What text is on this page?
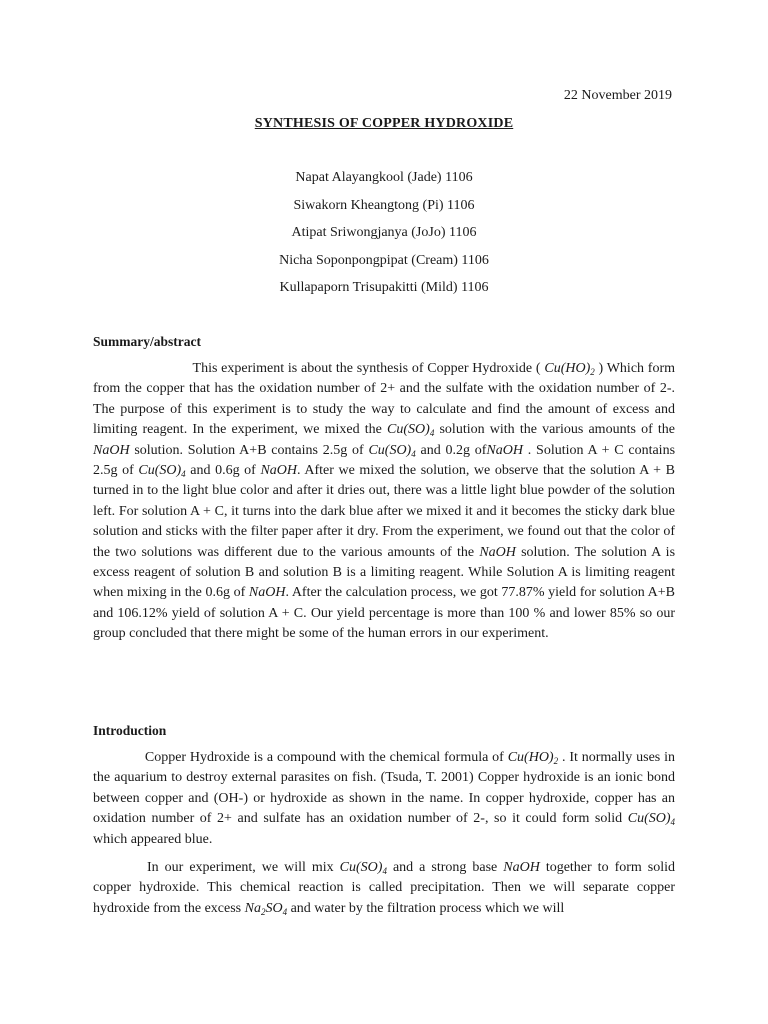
22 November 2019
SYNTHESIS OF COPPER HYDROXIDE
Napat Alayangkool (Jade) 1106
Siwakorn Kheangtong (Pi) 1106
Atipat Sriwongjanya (JoJo) 1106
Nicha Soponpongpipat (Cream) 1106
Kullapaporn Trisupakitti (Mild) 1106
Summary/abstract
This experiment is about the synthesis of Copper Hydroxide ( $Cu(HO)_2$ ) Which form from the copper that has the oxidation number of 2+ and the sulfate with the oxidation number of 2-. The purpose of this experiment is to study the way to calculate and find the amount of excess and limiting reagent. In the experiment, we mixed the $Cu(SO)_4$ solution with the various amounts of the NaOH solution. Solution A+B contains 2.5g of $Cu(SO)_4$ and 0.2g ofNaOH . Solution A + C contains 2.5g of $Cu(SO)_4$ and 0.6g of NaOH. After we mixed the solution, we observe that the solution A + B turned in to the light blue color and after it dries out, there was a little light blue powder of the solution left. For solution A + C, it turns into the dark blue after we mixed it and it becomes the sticky dark blue solution and sticks with the filter paper after it dry. From the experiment, we found out that the color of the two solutions was different due to the various amounts of the NaOH solution. The solution A is excess reagent of solution B and solution B is a limiting reagent. While Solution A is limiting reagent when mixing in the 0.6g of NaOH. After the calculation process, we got 77.87% yield for solution A+B and 106.12% yield of solution A + C. Our yield percentage is more than 100 % and lower 85% so our group concluded that there might be some of the human errors in our experiment.
Introduction
Copper Hydroxide is a compound with the chemical formula of $Cu(HO)_2$ . It normally uses in the aquarium to destroy external parasites on fish. (Tsuda, T. 2001) Copper hydroxide is an ionic bond between copper and (OH-) or hydroxide as shown in the name. In copper hydroxide, copper has an oxidation number of 2+ and sulfate has an oxidation number of 2-, so it could form solid $Cu(SO)_4$ which appeared blue.
In our experiment, we will mix $Cu(SO)_4$ and a strong base NaOH together to form solid copper hydroxide. This chemical reaction is called precipitation. Then we will separate copper hydroxide from the excess $Na_2SO_4$ and water by the filtration process which we will
